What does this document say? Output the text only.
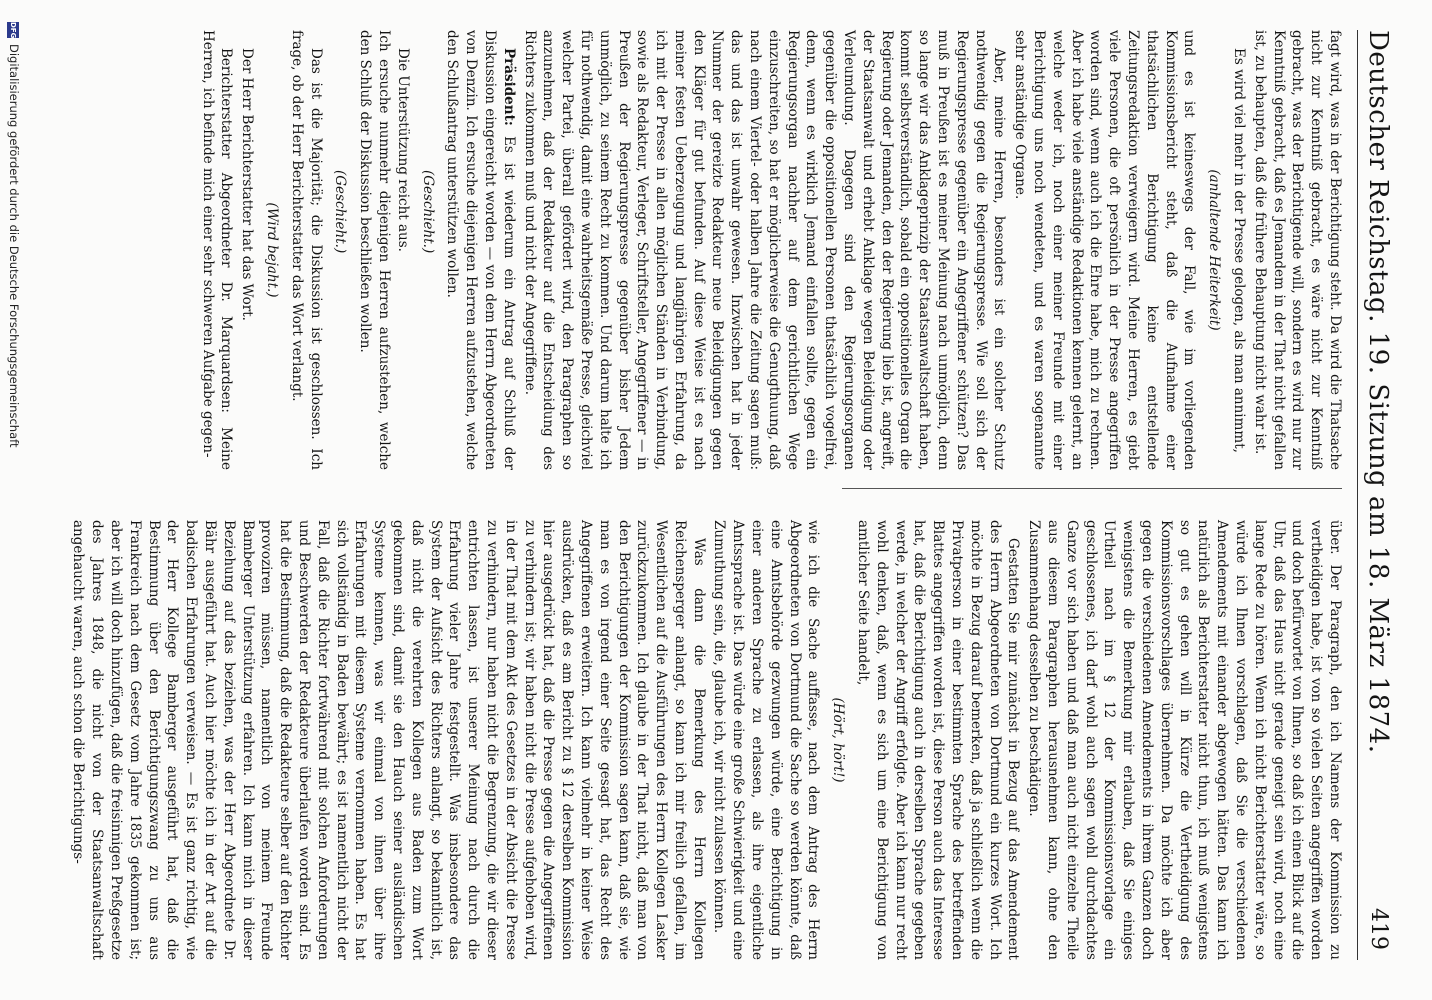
Deutscher Reichstag. 19. Sitzung am 18. März 1874.
419

fagt wird, was in der Berichtigung steht. Da wird die Thatsache nicht zur Kenntniß gebracht, es wäre nicht zur Kenntniß gebracht, was der Berichtigende will, sondern es wird nur zur Kenntniß gebracht, daß es Jemandem in der That nicht gefallen ist, zu behaupten, daß die frühere Behauptung nicht wahr ist.

Es wird viel mehr in der Presse gelogen, als man annimmt,

(anhaltende Heiterkeit)

und es ist keineswegs der Fall, wie im vorliegenden Kommissionsbericht steht, daß die Aufnahme einer thatsächlichen Berichtigung keine entstellende Zeitungsredaktion verweigern wird. Meine Herren, es giebt viele Personen, die oft persönlich in der Presse angegriffen worden sind, wenn auch ich die Ehre habe, mich zu rechnen. Aber ich habe viele anständige Redaktionen kennen gelernt, an welche weder ich, noch einer meiner Freunde mit einer Berichtigung uns noch wendeten, und es waren sogenannte sehr anständige Organe.

Aber, meine Herren, besonders ist ein solcher Schutz nothwendig gegen die Regierungspresse. Wie soll sich der Regierungspresse gegenüber ein Angegriffener schützen? Das muß in Preußen ist es meiner Meinung nach unmöglich, denn so lange wir das Anklageprinzip der Staatsanwaltschaft haben, kommt selbstverständlich, sobald ein oppositionelles Organ die Regierung oder Jemanden, den der Regierung lieb ist, angreift, der Staatsanwalt und erhebt Anklage wegen Beleidigung oder Verleumdung. Dagegen sind den Regierungsorganen gegenüber die oppositionellen Personen thatsächlich vogelfrei, denn, wenn es wirklich Jemand einfallen sollte, gegen ein Regierungsorgan nachher auf dem gerichtlichen Wege einzuschreiten, so hat er möglicherweise die Genugthuung, daß nach einem Viertel- oder halben Jahre die Zeitung sagen muß: das und das ist unwahr gewesen. Inzwischen hat in jeder Nummer der gereizte Redakteur neue Beleidigungen gegen den Kläger für gut befunden. Auf diese Weise ist es nach meiner festen Ueberzeugung und langjährigen Erfahrung, da ich mit der Presse in allen möglichen Ständen in Verbindung, sowie als Redakteur, Verleger, Schriftsteller, Angegriffener — in Preußen der Regierungspresse gegenüber bisher Jedem unmöglich, zu seinem Recht zu kommen. Und darum halte ich für nothwendig, damit eine wahrheitsgemäße Presse, gleichviel welcher Partei, überall gefördert wird, den Paragraphen so anzunehmen, daß der Redakteur auf die Entscheidung des Richters zukommen muß und nicht der Angegriffene.

Präsident: Es ist wiederum ein Antrag auf Schluß der Diskussion eingereicht worden — von dem Herrn Abgeordneten von Denzin. Ich ersuche diejenigen Herren aufzustehen, welche den Schlußantrag unterstützen wollen.

(Geschieht.)

Die Unterstützung reicht aus.
Ich ersuche nunmehr diejenigen Herren aufzustehen, welche den Schluß der Diskussion beschließen wollen.

(Geschieht.)

Das ist die Majorität; die Diskussion ist geschlossen. Ich frage, ob der Herr Berichterstatter das Wort verlangt.

(Wird bejaht.)

Der Herr Berichterstatter hat das Wort.

Berichterstatter Abgeordneter Dr. Marquardsen: Meine Herren, ich befinde mich einer sehr schweren Aufgabe gegen-

über. Der Paragraph, den ich Namens der Kommission zu vertheidigen habe, ist von so vielen Seiten angegriffen worden und doch befürwortet von Ihnen, so daß ich einen Blick auf die Uhr, daß das Haus nicht gerade geneigt sein wird, noch eine lange Rede zu hören. Wenn ich nicht Berichterstatter wäre, so würde ich Ihnen vorschlagen, daß Sie die verschiedenen Amendements mit einander abgewogen hätten. Das kann ich natürlich als Berichterstatter nicht thun, ich muß wenigstens so gut es gehen will in Kürze die Vertheidigung des Kommissionsvorschlages übernehmen. Da möchte ich aber gegen die verschiedenen Amendements in ihrem Ganzen doch wenigstens die Bemerkung mir erlauben, daß Sie einiges Urtheil nach im § 12 der Kommissionsvorlage ein geschlossenes, ich darf wohl auch sagen wohl durchdachtes Ganze vor sich haben und daß man auch nicht einzelne Theile aus diesem Paragraphen herausnehmen kann, ohne den Zusammenhang desselben zu beschädigen.

Gestatten Sie mir zunächst in Bezug auf das Amendement des Herrn Abgeordneten von Dortmund ein kurzes Wort. Ich möchte in Bezug darauf bemerken, daß ja schließlich wenn die Privatperson in einer bestimmten Sprache des betreffenden Blattes angegriffen worden ist, diese Person auch das Interesse hat, daß die Berichtigung auch in derselben Sprache gegeben werde, in welcher der Angriff erfolgte. Aber ich kann nur recht wohl denken, daß, wenn es sich um eine Berichtigung von amtlicher Seite handelt,

(Hört, hört!)

wie ich die Sache auffasse, nach dem Antrag des Herrn Abgeordneten von Dortmund die Sache so werden könnte, daß eine Amtsbehörde gezwungen würde, eine Berichtigung in einer anderen Sprache zu erlassen, als ihre eigentliche Amtssprache ist. Das würde eine große Schwierigkeit und eine Zumuthung sein, die, glaube ich, wir nicht zulassen können.

Was dann die Bemerkung des Herrn Kollegen Reichensperger anlangt, so kann ich mir freilich gefallen, im Wesentlichen auf die Ausführungen des Herrn Kollegen Lasker zurückzukommen. Ich glaube in der That nicht, daß man von den Berichtigungen der Kommission sagen kann, daß sie, wie man es von irgend einer Seite gesagt hat, das Recht des Angegriffenen erweitern. Ich kann vielmehr in keiner Weise ausdrücken, daß es am Bericht zu § 12 derselben Kommission hier ausgedrückt hat, daß die Presse gegen die Angegriffenen zu verhindern ist; wir haben nicht die Presse aufgehoben wird, in der That mit dem Akt des Gesetzes in der Absicht die Presse zu verhindern, nur haben nicht die Begrenzung, die wir dieser entrichten lassen, ist unserer Meinung nach durch die Erfahrung vieler Jahre festgestellt. Was insbesondere das System der Aufsicht des Richters anlangt, so bekanntlich ist, daß nicht die verehrten Kollegen aus Baden zum Wort gekommen sind, damit sie den Hauch seiner ausländischen Systeme kennen, was wir einmal von ihnen über ihre Erfahrungen mit diesem Systeme vernommen haben. Es hat sich vollständig in Baden bewährt; es ist namentlich nicht der Fall, daß die Richter fortwährend mit solchen Anforderungen und Beschwerden der Redakteure überlaufen worden sind. Es hat die Bestimmung, daß die Redakteure selber auf den Richter provoziren müssen, namentlich von meinem Freunde Bamberger Unterstützung erfahren. Ich kann mich in dieser Beziehung auf das beziehen, was der Herr Abgeordnete Dr. Bähr ausgeführt hat. Auch hier möchte ich in der Art auf die badischen Erfahrungen verweisen. — Es ist ganz richtig, wie der Herr Kollege Bamberger ausgeführt hat, daß die Bestimmung über den Berichtigungszwang zu uns aus Frankreich nach dem Gesetz vom Jahre 1835 gekommen ist; aber ich will doch hinzufügen, daß die freisinnigen Preßgesetze des Jahres 1848, die nicht von der Staatsanwaltschaft angehaucht waren, auch schon die Berichtigungs-

DFGDigitalisierung gefördert durch die Deutsche Forschungsgemeinschaft
